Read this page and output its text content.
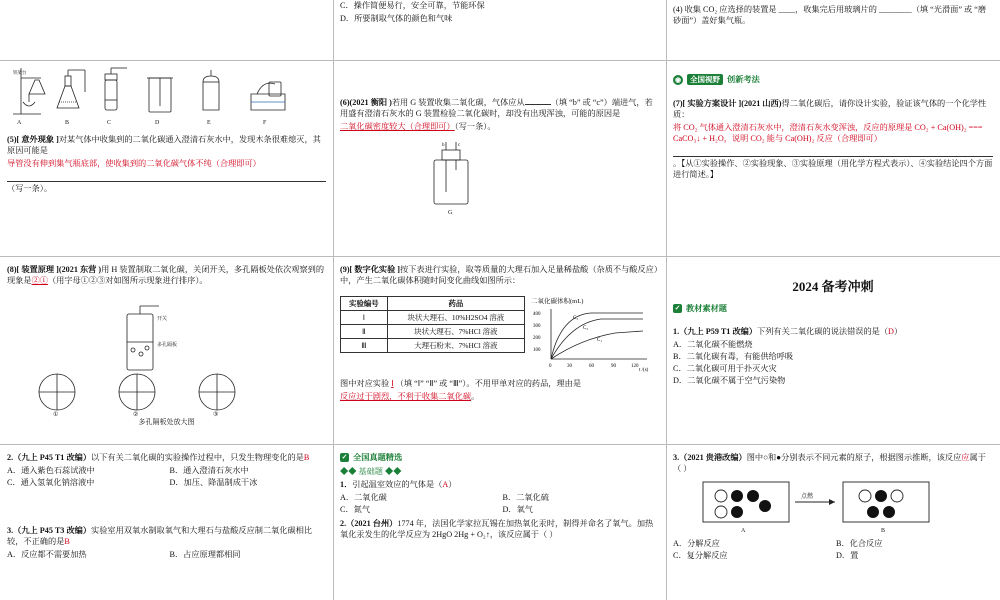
A
铁架台
B	C	D	E	F

(5)[ 意外现象 ]对某气体中收集到的二氧化碳通入澄清石灰水中，发现木条很难熄灭，其原因可能是

导管没有伸到集气瓶底部，使收集到的二氧化碳气体不纯（合理即可）

（写一条）。

(8)[ 装置原理 ](2021 东营 )用 H 装置制取二氧化碳，关闭开关，多孔隔板处依次观察到的现象是②①（用字母①②③对如图所示现象进行排序）。

开关
多孔隔板
①	②	③

多孔隔板处放大图

2.（九上 P45 T1 改编）以下有关二氧化碳的实验操作过程中，只发生物理变化的是B

A．通入紫色石蕊试液中	B．通入澄清石灰水中

C．通入氢氧化钠溶液中	D．加压、降温制成干冰

3.（九上 P45 T3 改编）实验室用双氧水制取氧气和大理石与盐酸反应制二氧化碳相比较，不正确的是B

A．反应都不需要加热	B．占应原理都相同

C．操作简便易行，安全可靠，节能环保

D．所要制取气体的颜色和气味

(6)(2021 衡阳 )若用 G 装置收集二氧化碳，气体应从	（填 “b” 或 “c”）端进气，若用盛有澄清石灰水的 G 装置检验二氧化碳时，却没有出现浑浊，可能的原因是

二氧化碳密度较大（合理即可）（写一条）。

b	c
G

(9)[ 数字化实验 ]按下表进行实验，取等质量的大理石加入足量稀盐酸（杂质不与酸反应）中，产生二氧化碳体积随时间变化曲线如图所示：

实验编号	药品
Ⅰ	块状大理石、10%H2SO4 溶液
Ⅱ	块状大理石、7%HCl 溶液
Ⅲ	大理石粉末、7%HCl 溶液
二氧化碳体积(mL)
400
300
200
100
0	30	60	90	120
t /(s)
C₃
C₂
C₁

图中对应实验 Ⅰ （填 “Ⅰ” “Ⅱ” 或 “Ⅲ”）。不用甲单对应的药品，理由是

反应过于剧烈，不利于收集二氧化碳。

✓ 全国真题精选

◆◆ 基础题 ◆◆

1．引起温室效应的气体是（A）

A．二氧化碳	B．二氧化硫

C．氮气	D．氧气

2.（2021 台州）1774 年，法国化学家拉瓦锡在加热氧化汞时，制得并命名了氧气。加热氧化汞发生的化学反应为 2HgO 2Hg + O₂↑，该反应属于（ ）

(4) 收集 CO₂ 应选择的装置是 ____，收集完后用玻璃片的 ________（填 “光滑面” 或 “磨砂面”）盖好集气瓶。

◉	全国视野 创新考法

(7)[ 实验方案设计 ](2021 山西)得二氧化碳后，请你设计实验，验证该气体的一个化学性质：

将 CO₂ 气体通入澄清石灰水中，澄清石灰水变浑浊，反应的原理是 CO₂ + Ca(OH)₂ === CaCO₃↓ + H₂O，说明 CO₂ 能与 Ca(OH)₂ 反应（合理即可）

。【从①实验操作、②实验现象、③实验原理（用化学方程式表示）、④实验结论四个方面进行简述。】

2024 备考冲刺
✓ 教材素材题

1.（九上 P59 T1 改编）下列有关二氧化碳的说法错误的是（D）

A．二氧化碳不能燃烧

B．二氧化碳有毒，有能供给呼吸

C．二氧化碳可用于扑灭火灾

D．二氧化碳不属于空气污染物

3.（2021 贵港改编）图中○和●分别表示不同元素的原子，根据图示推断，该反应应属于（ ）

点燃
A	B

A．分解反应	B．化合反应

C．复分解反应	D．置
